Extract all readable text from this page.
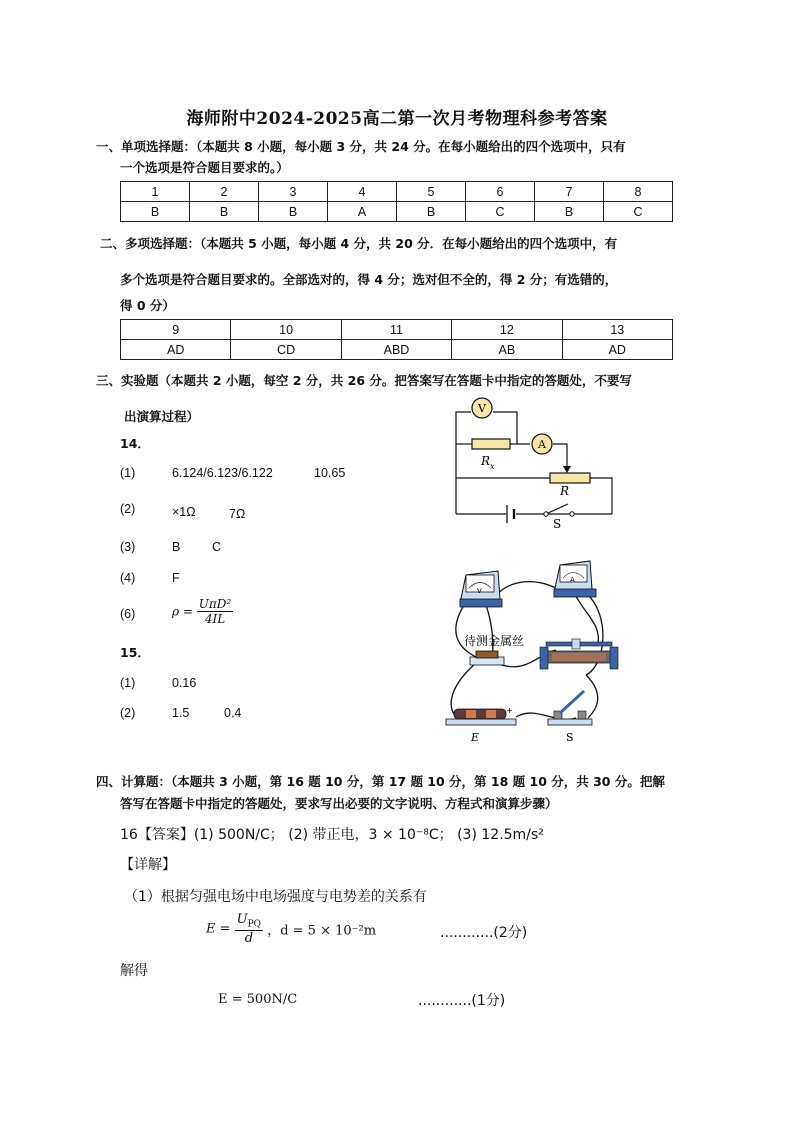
海师附中2024-2025高二第一次月考物理科参考答案
一、单项选择题：（本题共 8 小题，每小题 3 分，共 24 分。在每小题给出的四个选项中，只有
一个选项是符合题目要求的。）
1	2	3	4	5	6	7	8
B	B	B	A	B	C	B	C
二、多项选择题：（本题共 5 小题，每小题 4 分，共 20 分．在每小题给出的四个选项中，有
多个选项是符合题目要求的。全部选对的，得 4 分；选对但不全的，得 2 分；有选错的，
得 0 分）
9	10	11	12	13
AD	CD	ABD	AB	AD
三、实验题（本题共 2 小题，每空 2 分，共 26 分。把答案写在答题卡中指定的答题处，不要写
出演算过程）
14．
(1)	6.124/6.123/6.122	10.65
(2)	×1Ω	7Ω
(3)	B	C
(4)	F
(6)	$\rho = \frac{\text{UπD²}}{4IL}$
15．
(1)	0.16
(2)	1.5	0.4
V
A
R x
R
S
V
A
待测金属丝
+
E	S
四、计算题：（本题共 3 小题，第 16 题 10 分，第 17 题 10 分，第 18 题 10 分，共 30 分。把解
答写在答题卡中指定的答题处，要求写出必要的文字说明、方程式和演算步骤）
16【答案】(1) 500N/C； (2) 带正电，3 × 10⁻⁸C； (3) 12.5m/s²
【详解】
（1）根据匀强电场中电场强度与电势差的关系有
$E = \frac{U_{PQ}}{d}$ ，d = 5 × 10⁻²m	............(2分)
解得
E = 500N/C	............(1分)
